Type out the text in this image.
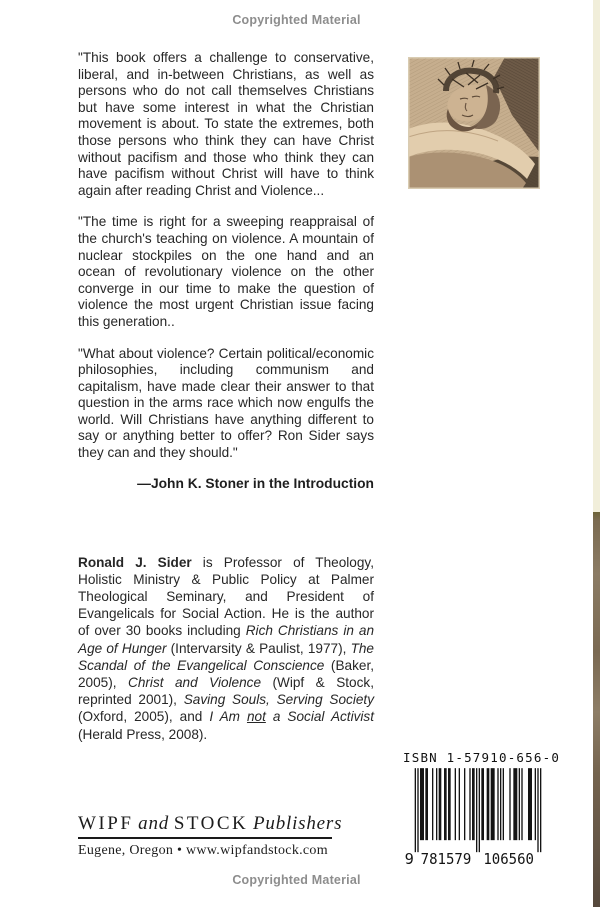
Copyrighted Material

"This book offers a challenge to conservative, liberal, and in-between Christians, as well as persons who do not call themselves Christians but have some interest in what the Christian movement is about. To state the extremes, both those persons who think they can have Christ without pacifism and those who think they can have pacifism without Christ will have to think again after reading Christ and Violence...

"The time is right for a sweeping reappraisal of the church's teaching on violence. A mountain of nuclear stockpiles on the one hand and an ocean of revolutionary violence on the other converge in our time to make the question of violence the most urgent Christian issue facing this generation..

"What about violence? Certain political/economic philosophies, including communism and capitalism, have made clear their answer to that question in the arms race which now engulfs the world. Will Christians have anything different to say or anything better to offer? Ron Sider says they can and they should."

—John K. Stoner in the Introduction

Ronald J. Sider is Professor of Theology, Holistic Ministry & Public Policy at Palmer Theological Seminary, and President of Evangelicals for Social Action. He is the author of over 30 books including Rich Christians in an Age of Hunger (Intervarsity & Paulist, 1977), The Scandal of the Evangelical Conscience (Baker, 2005), Christ and Violence (Wipf & Stock, reprinted 2001), Saving Souls, Serving Society (Oxford, 2005), and I Am not a Social Activist (Herald Press, 2008).

WIPF and STOCK Publishers
Eugene, Oregon • www.wipfandstock.com
ISBN 1-57910-656-0
9 781579 106560
Copyrighted Material
